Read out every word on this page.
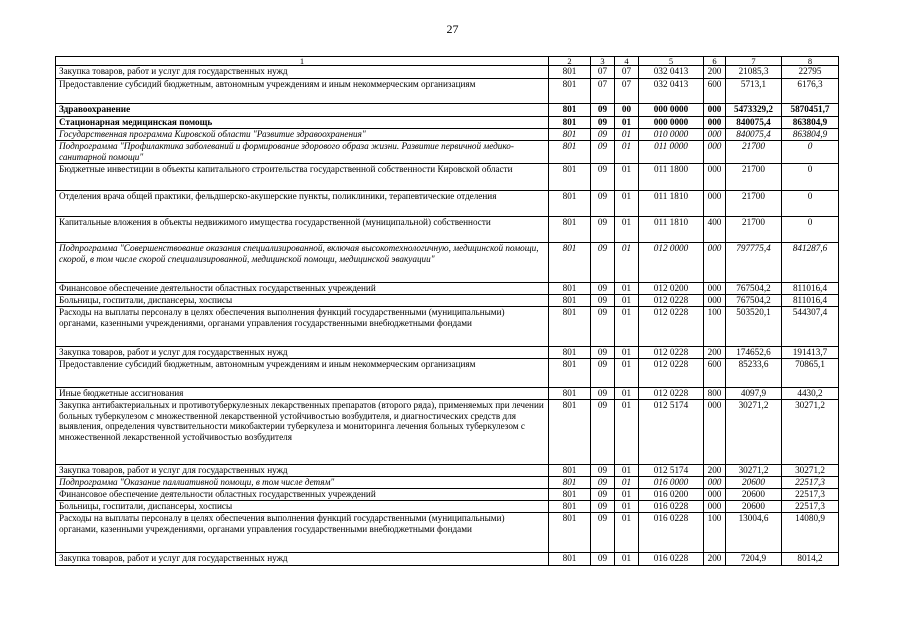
27
1	2	3	4	5	6	7	8
Закупка товаров, работ и услуг для государственных нужд	801	07	07	032 0413	200	21085,3	22795
Предоставление субсидий бюджетным, автономным учреждениям и иным некоммерческим организациям	801	07	07	032 0413	600	5713,1	6176,3
Здравоохранение	801	09	00	000 0000	000	5473329,2	5870451,7
Стационарная медицинская помощь	801	09	01	000 0000	000	840075,4	863804,9
Государственная программа Кировской области "Развитие здравоохранения"	801	09	01	010 0000	000	840075,4	863804,9
Подпрограмма "Профилактика заболеваний и формирование здорового образа жизни. Развитие первичной медико-санитарной помощи"	801	09	01	011 0000	000	21700	0
Бюджетные инвестиции в объекты капитального строительства государственной собственности Кировской области	801	09	01	011 1800	000	21700	0
Отделения врача общей практики, фельдшерско-акушерские пункты, поликлиники, терапевтические отделения	801	09	01	011 1810	000	21700	0
Капитальные вложения в объекты недвижимого имущества государственной (муниципальной) собственности	801	09	01	011 1810	400	21700	0
Подпрограмма "Совершенствование оказания специализированной, включая высокотехнологичную, медицинской помощи, скорой, в том числе скорой специализированной, медицинской помощи, медицинской эвакуации"	801	09	01	012 0000	000	797775,4	841287,6
Финансовое обеспечение деятельности областных государственных учреждений	801	09	01	012 0200	000	767504,2	811016,4
Больницы, госпитали, диспансеры, хосписы	801	09	01	012 0228	000	767504,2	811016,4
Расходы на выплаты персоналу в целях обеспечения выполнения функций государственными (муниципальными) органами, казенными учреждениями, органами управления государственными внебюджетными фондами	801	09	01	012 0228	100	503520,1	544307,4
Закупка товаров, работ и услуг для государственных нужд	801	09	01	012 0228	200	174652,6	191413,7
Предоставление субсидий бюджетным, автономным учреждениям и иным некоммерческим организациям	801	09	01	012 0228	600	85233,6	70865,1
Иные бюджетные ассигнования	801	09	01	012 0228	800	4097,9	4430,2
Закупка антибактериальных и противотуберкулезных лекарственных препаратов (второго ряда), применяемых при лечении больных туберкулезом с множественной лекарственной устойчивостью возбудителя, и диагностических средств для выявления, определения чувствительности микобактерии туберкулеза и мониторинга лечения больных туберкулезом с множественной лекарственной устойчивостью возбудителя	801	09	01	012 5174	000	30271,2	30271,2
Закупка товаров, работ и услуг для государственных нужд	801	09	01	012 5174	200	30271,2	30271,2
Подпрограмма "Оказание паллиативной помощи, в том числе детям"	801	09	01	016 0000	000	20600	22517,3
Финансовое обеспечение деятельности областных государственных учреждений	801	09	01	016 0200	000	20600	22517,3
Больницы, госпитали, диспансеры, хосписы	801	09	01	016 0228	000	20600	22517,3
Расходы на выплаты персоналу в целях обеспечения выполнения функций государственными (муниципальными) органами, казенными учреждениями, органами управления государственными внебюджетными фондами	801	09	01	016 0228	100	13004,6	14080,9
Закупка товаров, работ и услуг для государственных нужд	801	09	01	016 0228	200	7204,9	8014,2
